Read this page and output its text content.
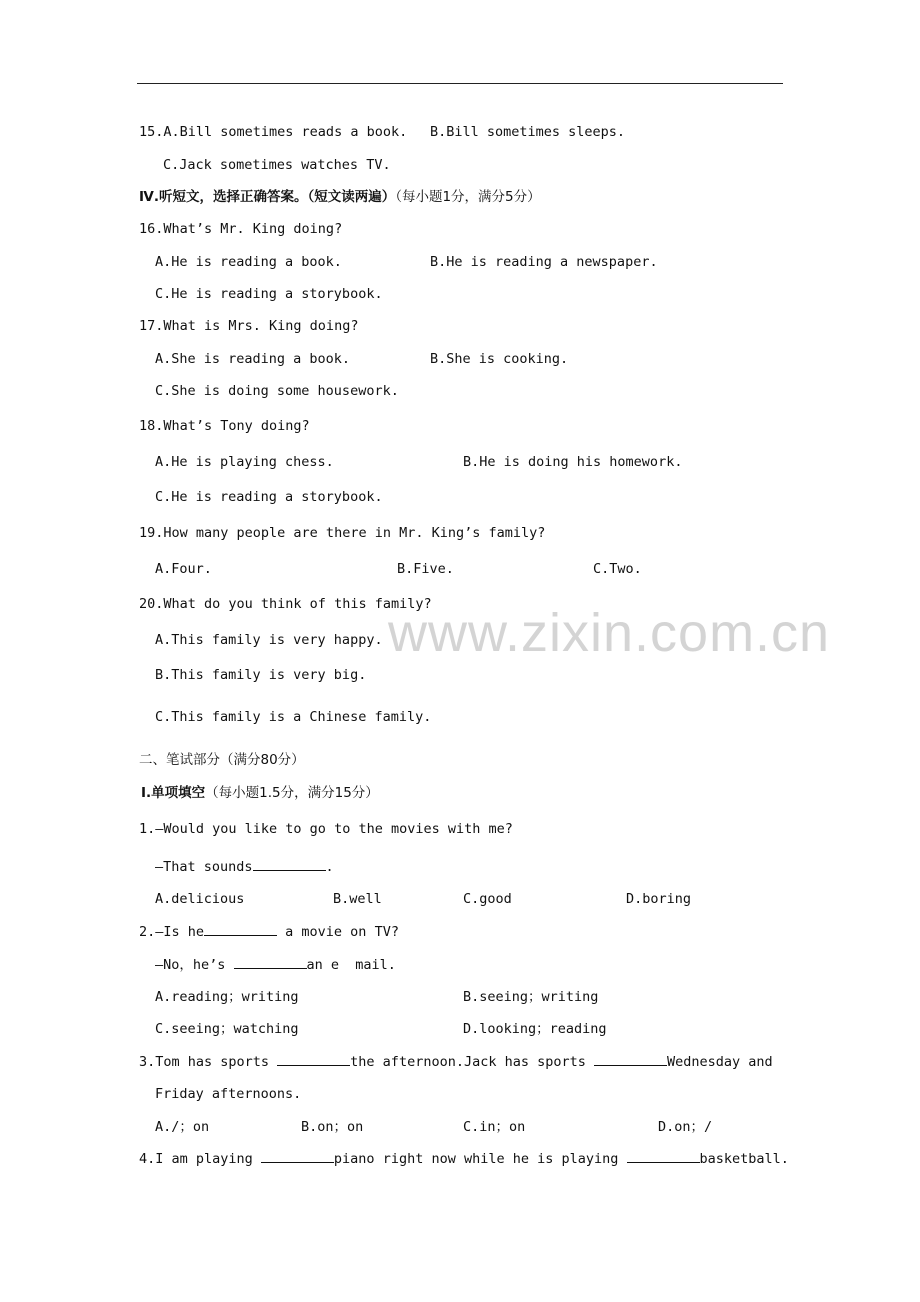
15.A.Bill sometimes reads a book. B.Bill sometimes sleeps.
C.Jack sometimes watches TV.
Ⅳ.听短文，选择正确答案。（短文读两遍）（每小题1分，满分5分）
16.What’s Mr. King doing?
A.He is reading a book.	B.He is reading a newspaper.
C.He is reading a storybook.
17.What is Mrs. King doing?
A.She is reading a book.	B.She is cooking.
C.She is doing some housework.
18.What’s Tony doing?
A.He is playing chess.	B.He is doing his homework.
C.He is reading a storybook.
19.How many people are there in Mr. King’s family?
A.Four.	B.Five.	C.Two.
www.zixin.com.cn
20.What do you think of this family?
A.This family is very happy.
B.This family is very big.
C.This family is a Chinese family.
二、笔试部分（满分80分）
Ⅰ.单项填空（每小题1.5分，满分15分）
1.—Would you like to go to the movies with me?
—That sounds	.
A.delicious	B.well	C.good	D.boring
2.—Is he	a movie on TV?
—No，he’s	an e  mail.
A.reading；writing	B.seeing；writing
C.seeing；watching	D.looking；reading
3.Tom has sports	the afternoon.Jack has sports	Wednesday and
Friday afternoons.
A./；on	B.on；on	C.in；on	D.on；/
4.I am playing	piano right now while he is playing	basketball.
